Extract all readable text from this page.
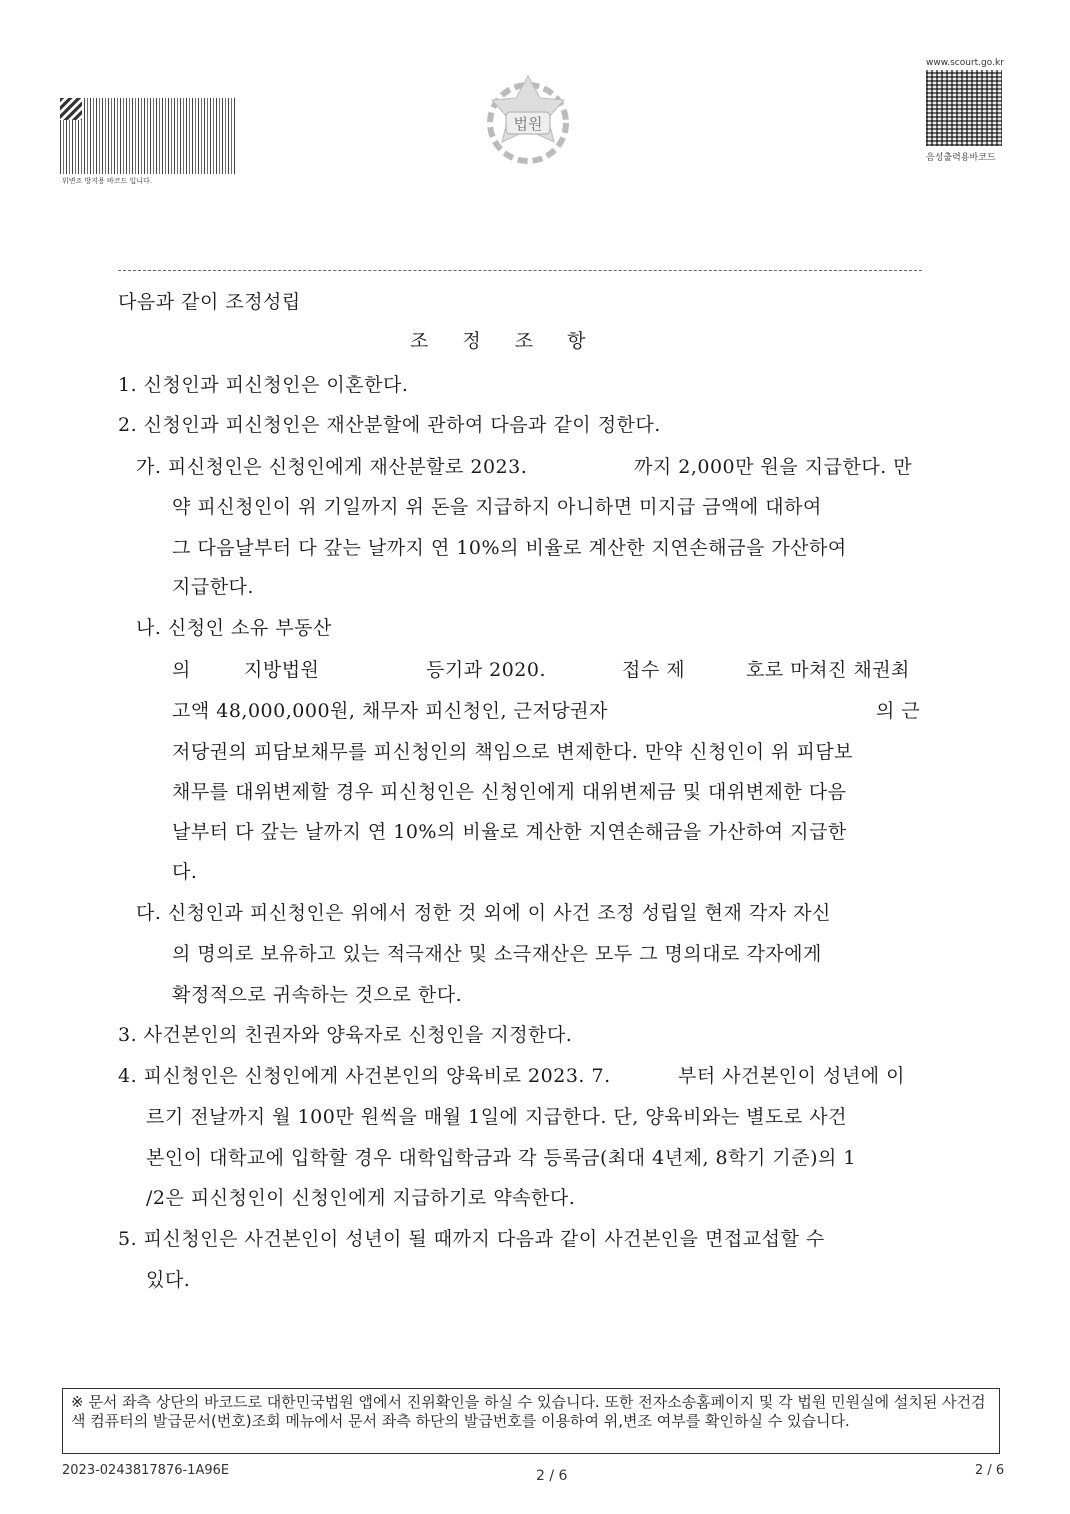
위변조 방지용 바코드 입니다.
법원
www.scourt.go.kr
음성출력용바코드
다음과 같이 조정성립
조 정 조 항
1. 신청인과 피신청인은 이혼한다.
2. 신청인과 피신청인은 재산분할에 관하여 다음과 같이 정한다.
가. 피신청인은 신청인에게 재산분할로 2023.	까지 2,000만 원을 지급한다. 만
약 피신청인이 위 기일까지 위 돈을 지급하지 아니하면 미지급 금액에 대하여
그 다음날부터 다 갚는 날까지 연 10%의 비율로 계산한 지연손해금을 가산하여
지급한다.
나. 신청인 소유 부동산
의	지방법원	등기과 2020.	접수 제	호로 마쳐진 채권최
고액 48,000,000원, 채무자 피신청인, 근저당권자	의 근
저당권의 피담보채무를 피신청인의 책임으로 변제한다. 만약 신청인이 위 피담보
채무를 대위변제할 경우 피신청인은 신청인에게 대위변제금 및 대위변제한 다음
날부터 다 갚는 날까지 연 10%의 비율로 계산한 지연손해금을 가산하여 지급한
다.
다. 신청인과 피신청인은 위에서 정한 것 외에 이 사건 조정 성립일 현재 각자 자신
의 명의로 보유하고 있는 적극재산 및 소극재산은 모두 그 명의대로 각자에게
확정적으로 귀속하는 것으로 한다.
3. 사건본인의 친권자와 양육자로 신청인을 지정한다.
4. 피신청인은 신청인에게 사건본인의 양육비로 2023. 7.	부터 사건본인이 성년에 이
르기 전날까지 월 100만 원씩을 매월 1일에 지급한다. 단, 양육비와는 별도로 사건
본인이 대학교에 입학할 경우 대학입학금과 각 등록금(최대 4년제, 8학기 기준)의 1
/2은 피신청인이 신청인에게 지급하기로 약속한다.
5. 피신청인은 사건본인이 성년이 될 때까지 다음과 같이 사건본인을 면접교섭할 수
있다.
※ 문서 좌측 상단의 바코드로 대한민국법원 앱에서 진위확인을 하실 수 있습니다. 또한 전자소송홈페이지 및 각 법원 민원실에 설치된 사건검색 컴퓨터의 발급문서(번호)조회 메뉴에서 문서 좌측 하단의 발급번호를 이용하여 위,변조 여부를 확인하실 수 있습니다.
2023-0243817876-1A96E	2 / 6	2 / 6
